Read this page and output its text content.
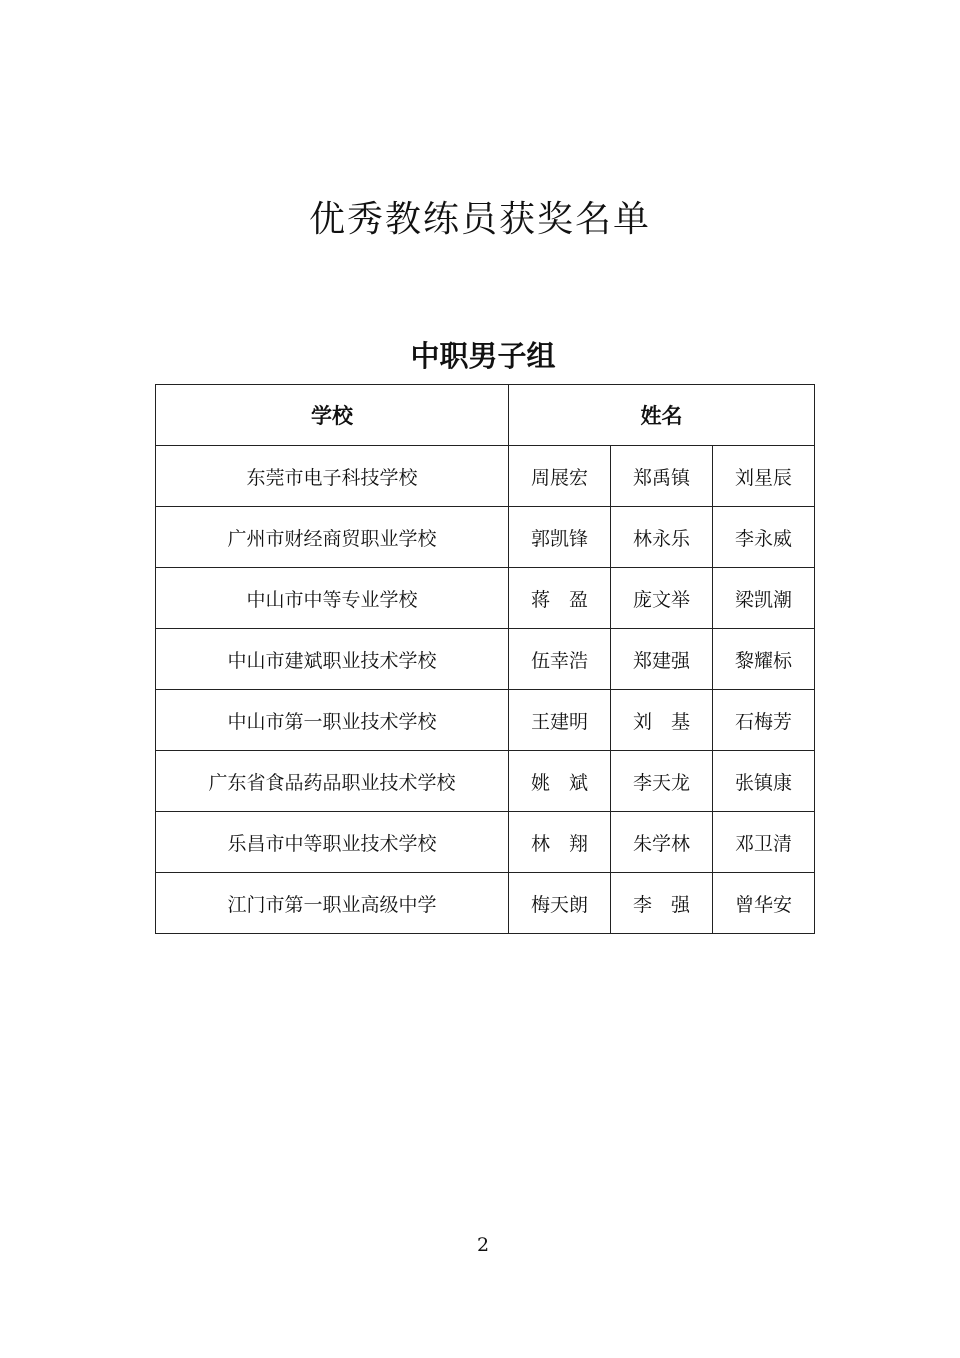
优秀教练员获奖名单
中职男子组
学校	姓名		
东莞市电子科技学校	周展宏	郑禹镇	刘星辰
广州市财经商贸职业学校	郭凯锋	林永乐	李永威
中山市中等专业学校	蒋　盈	庞文举	梁凯潮
中山市建斌职业技术学校	伍幸浩	郑建强	黎耀标
中山市第一职业技术学校	王建明	刘　基	石梅芳
广东省食品药品职业技术学校	姚　斌	李天龙	张镇康
乐昌市中等职业技术学校	林　翔	朱学林	邓卫清
江门市第一职业高级中学	梅天朗	李　强	曾华安
2
